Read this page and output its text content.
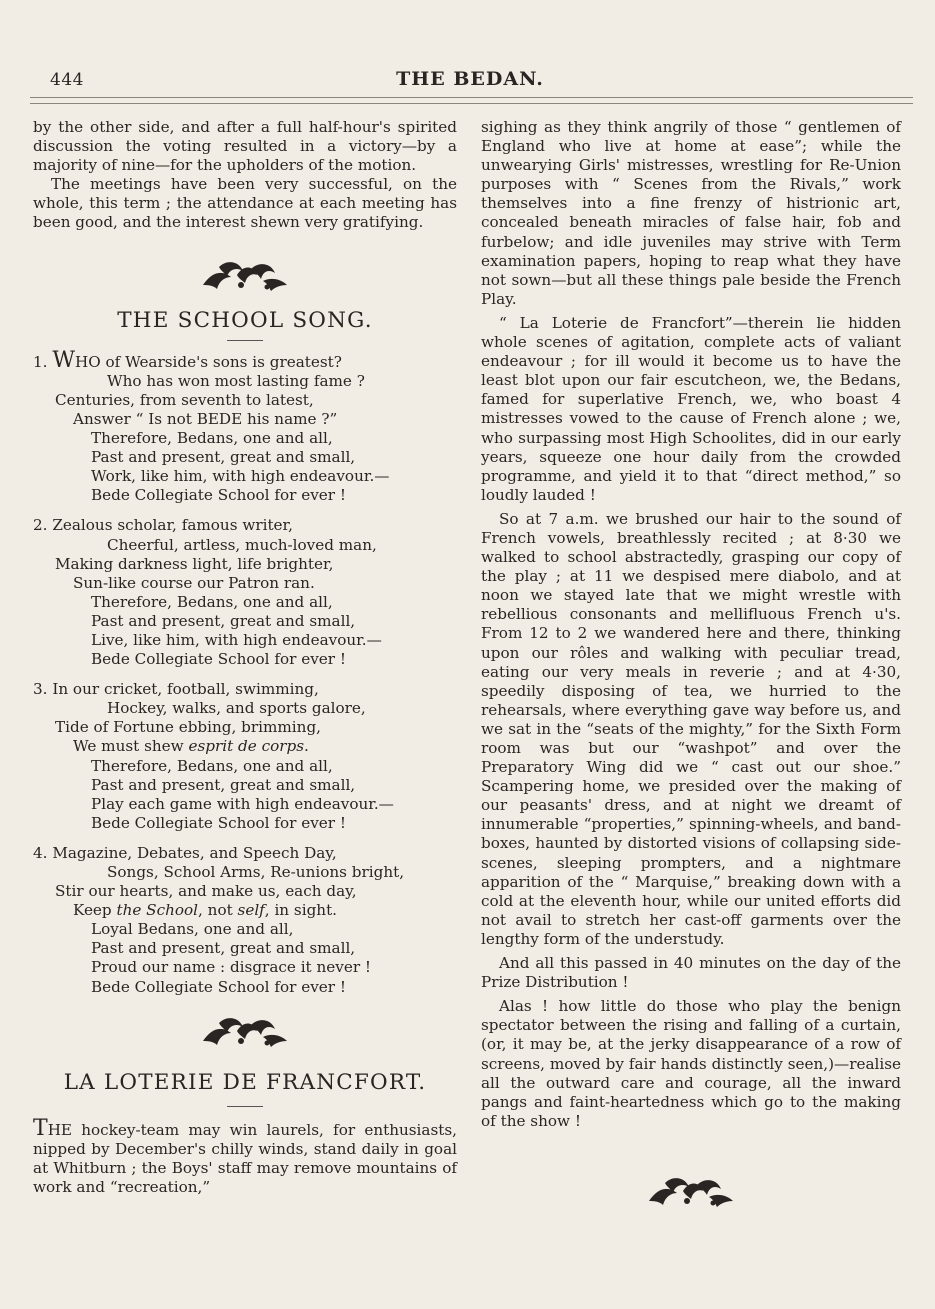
444	THE BEDAN.

by the other side, and after a full half-hour's spirited discussion the voting resulted in a victory—by a majority of nine—for the upholders of the motion.

The meetings have been very successful, on the whole, this term ; the attendance at each meeting has been good, and the interest shewn very gratifying.

THE SCHOOL SONG.
1. WHO of Wearside's sons is greatest?
Who has won most lasting fame ?
Centuries, from seventh to latest,
Answer “ Is not BEDE his name ?”
Therefore, Bedans, one and all,
Past and present, great and small,
Work, like him, with high endeavour.—
Bede Collegiate School for ever !
2. Zealous scholar, famous writer,
Cheerful, artless, much-loved man,
Making darkness light, life brighter,
Sun-like course our Patron ran.
Therefore, Bedans, one and all,
Past and present, great and small,
Live, like him, with high endeavour.—
Bede Collegiate School for ever !
3. In our cricket, football, swimming,
Hockey, walks, and sports galore,
Tide of Fortune ebbing, brimming,
We must shew esprit de corps.
Therefore, Bedans, one and all,
Past and present, great and small,
Play each game with high endeavour.—
Bede Collegiate School for ever !
4. Magazine, Debates, and Speech Day,
Songs, School Arms, Re-unions bright,
Stir our hearts, and make us, each day,
Keep the School, not self, in sight.
Loyal Bedans, one and all,
Past and present, great and small,
Proud our name : disgrace it never !
Bede Collegiate School for ever !
LA LOTERIE DE FRANCFORT.

THE hockey-team may win laurels, for enthusiasts, nipped by December's chilly winds, stand daily in goal at Whitburn ; the Boys' staff may remove mountains of work and “recreation,”

sighing as they think angrily of those “ gentlemen of England who live at home at ease”; while the unwearying Girls' mistresses, wrestling for Re-Union purposes with “ Scenes from the Rivals,” work themselves into a fine frenzy of histrionic art, concealed beneath miracles of false hair, fob and furbelow; and idle juveniles may strive with Term examination papers, hoping to reap what they have not sown—but all these things pale beside the French Play.

“ La Loterie de Francfort”—therein lie hidden whole scenes of agitation, complete acts of valiant endeavour ; for ill would it become us to have the least blot upon our fair escutcheon, we, the Bedans, famed for superlative French, we, who boast 4 mistresses vowed to the cause of French alone ; we, who surpassing most High Schoolites, did in our early years, squeeze one hour daily from the crowded programme, and yield it to that “direct method,” so loudly lauded !

So at 7 a.m. we brushed our hair to the sound of French vowels, breathlessly recited ; at 8·30 we walked to school abstractedly, grasping our copy of the play ; at 11 we despised mere diabolo, and at noon we stayed late that we might wrestle with rebellious consonants and mellifluous French u's. From 12 to 2 we wandered here and there, thinking upon our rôles and walking with peculiar tread, eating our very meals in reverie ; and at 4·30, speedily disposing of tea, we hurried to the rehearsals, where everything gave way before us, and we sat in the “seats of the mighty,” for the Sixth Form room was but our “washpot” and over the Preparatory Wing did we “ cast out our shoe.” Scampering home, we presided over the making of our peasants' dress, and at night we dreamt of innumerable “properties,” spinning-wheels, and band-boxes, haunted by distorted visions of collapsing side-scenes, sleeping prompters, and a nightmare apparition of the “ Marquise,” breaking down with a cold at the eleventh hour, while our united efforts did not avail to stretch her cast-off garments over the lengthy form of the understudy.

And all this passed in 40 minutes on the day of the Prize Distribution !

Alas ! how little do those who play the benign spectator between the rising and falling of a curtain, (or, it may be, at the jerky disappearance of a row of screens, moved by fair hands distinctly seen,)—realise all the outward care and courage, all the inward pangs and faint-heartedness which go to the making of the show !
